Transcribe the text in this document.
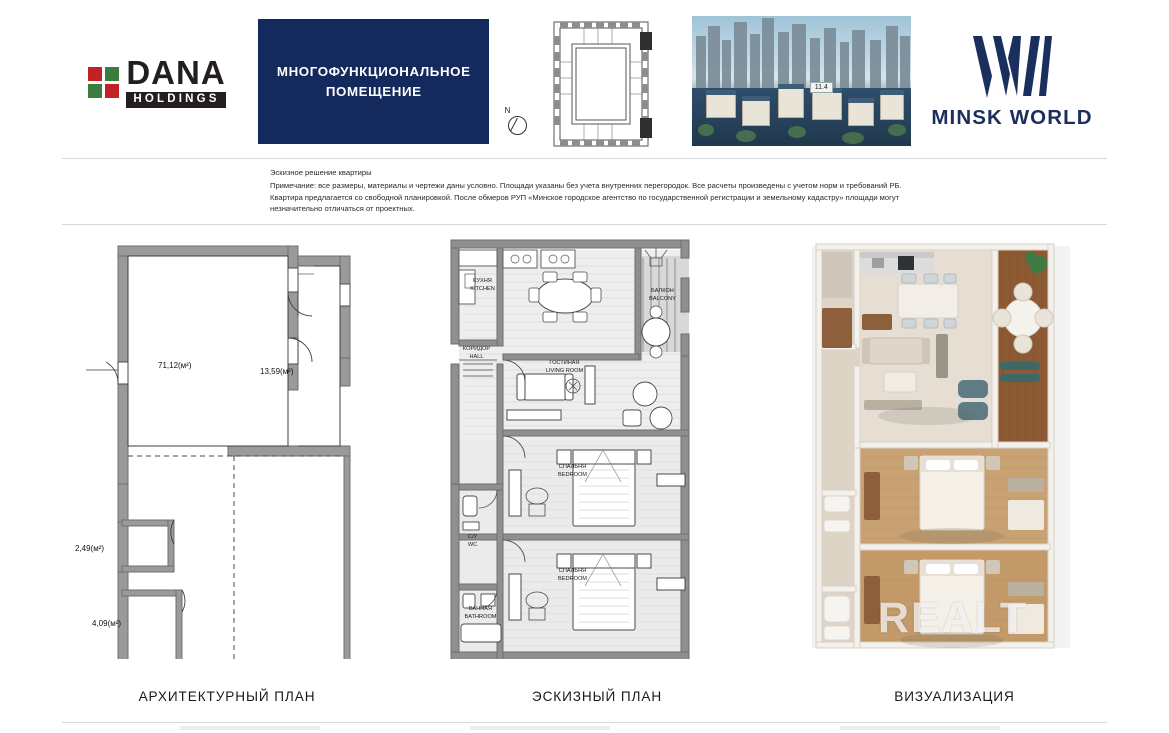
DANA
HOLDINGS
МНОГОФУНКЦИОНАЛЬНОЕ
ПОМЕЩЕНИЕ
N
11.4
MINSK WORLD
Эскизное решение квартиры
Примечание: все размеры, материалы и чертежи даны условно. Площади указаны без учета внутренних перегородок. Все расчеты произведены с учетом норм и требований РБ. Квартира предлагается со свободной планировкой. После обмеров РУП «Минское городское агентство по государственной регистрации и земельному кадастру» площади могут незначительно отличаться от проектных.
71,12(м²)
13,59(м²)
2,49(м²)
4,09(м²)
АРХИТЕКТУРНЫЙ ПЛАН
КУХНЯ
KITCHEN	БАЛКОН
BALCONY
КОРИДОР
HALL
ГОСТИНАЯ
LIVING ROOM
СПАЛЬНЯ
BEDROOM
СПАЛЬНЯ
BEDROOM
С/У
WC
ВАННАЯ
BATHROOM
ЭСКИЗНЫЙ ПЛАН
REALT
ВИЗУАЛИЗАЦИЯ
